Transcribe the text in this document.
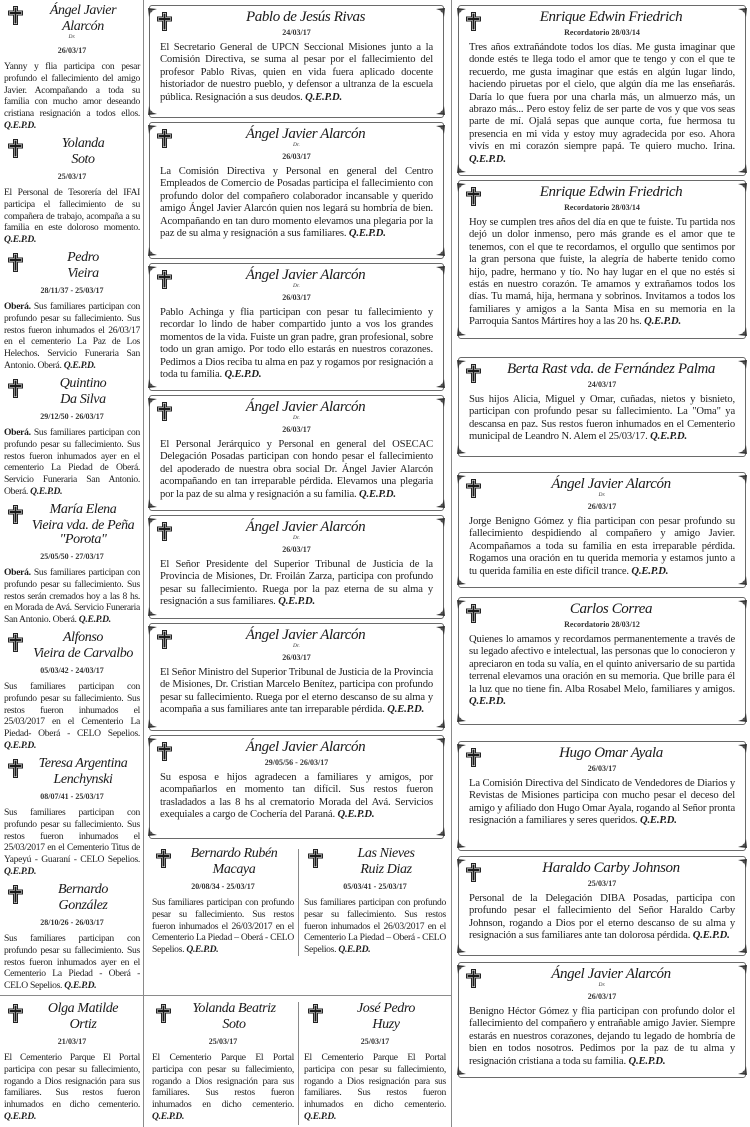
Ángel Javier
Alarcón
Dr.
26/03/17
Yanny y flia participa con pesar profundo el fallecimiento del amigo Javier. Acompañando a toda su familia con mucho amor deseando cristiana resignación a todos ellos. Q.E.P.D.
Yolanda
Soto
25/03/17
El Personal de Tesorería del IFAI participa el fallecimiento de su compañera de trabajo, acompaña a su familia en este doloroso momento. Q.E.P.D.
Pedro
Vieira
28/11/37 - 25/03/17
Oberá. Sus familiares participan con profundo pesar su fallecimiento. Sus restos fueron inhumados el 26/03/17 en el cementerio La Paz de Los Helechos. Servicio Funeraria San Antonio. Oberá. Q.E.P.D.
Quintino
Da Silva
29/12/50 - 26/03/17
Oberá. Sus familiares participan con profundo pesar su fallecimiento. Sus restos fueron inhumados ayer en el cementerio La Piedad de Oberá. Servicio Funeraria San Antonio. Oberá. Q.E.P.D.
María Elena
Vieira vda. de Peña "Porota"
25/05/50 - 27/03/17
Oberá. Sus familiares participan con profundo pesar su fallecimiento. Sus restos serán cremados hoy a las 8 hs. en Morada de Avá. Servicio Funeraria San Antonio. Oberá. Q.E.P.D.
Alfonso
Vieira de Carvalbo
05/03/42 - 24/03/17
Sus familiares participan con profundo pesar su fallecimiento. Sus restos fueron inhumados el 25/03/2017 en el Cementerio La Piedad- Oberá - CELO Sepelios. Q.E.P.D.
Teresa Argentina
Lenchynski
08/07/41 - 25/03/17
Sus familiares participan con profundo pesar su fallecimiento. Sus restos fueron inhumados el 25/03/2017 en el Cementerio Titus de Yapeyú - Guaraní - CELO Sepelios. Q.E.P.D.
Bernardo
González
28/10/26 - 26/03/17
Sus familiares participan con profundo pesar su fallecimiento. Sus restos fueron inhumados ayer en el Cementerio La Piedad - Oberá - CELO Sepelios. Q.E.P.D.
Olga Matilde
Ortiz
21/03/17
El Cementerio Parque El Portal participa con pesar su fallecimiento, rogando a Dios resignación para sus familiares. Sus restos fueron inhumados en dicho cementerio. Q.E.P.D.
Pablo de Jesús Rivas
24/03/17
El Secretario General de UPCN Seccional Misiones junto a la Comisión Directiva, se suma al pesar por el fallecimiento del profesor Pablo Rivas, quien en vida fuera aplicado docente historiador de nuestro pueblo, y defensor a ultranza de la escuela pública. Resignación a sus deudos. Q.E.P.D.
Ángel Javier Alarcón
Dr.
26/03/17
La Comisión Directiva y Personal en general del Centro Empleados de Comercio de Posadas participa el fallecimiento con profundo dolor del compañero colaborador incansable y querido amigo Ángel Javier Alarcón quien nos legará su hombría de bien. Acompañando en tan duro momento elevamos una plegaria por la paz de su alma y resignación a sus familiares. Q.E.P.D.
Ángel Javier Alarcón
Dr.
26/03/17
Pablo Achinga y flia participan con pesar tu fallecimiento y recordar lo lindo de haber compartido junto a vos los grandes momentos de la vida. Fuiste un gran padre, gran profesional, sobre todo un gran amigo. Por todo ello estarás en nuestros corazones. Pedimos a Dios reciba tu alma en paz y rogamos por resignación a toda tu familia. Q.E.P.D.
Ángel Javier Alarcón
Dr.
26/03/17
El Personal Jerárquico y Personal en general del OSECAC Delegación Posadas participan con hondo pesar el fallecimiento del apoderado de nuestra obra social Dr. Ángel Javier Alarcón acompañando en tan irreparable pérdida. Elevamos una plegaria por la paz de su alma y resignación a su familia. Q.E.P.D.
Ángel Javier Alarcón
Dr.
26/03/17
El Señor Presidente del Superior Tribunal de Justicia de la Provincia de Misiones, Dr. Froilán Zarza, participa con profundo pesar su fallecimiento. Ruega por la paz eterna de su alma y resignación a sus familiares. Q.E.P.D.
Ángel Javier Alarcón
Dr.
26/03/17
El Señor Ministro del Superior Tribunal de Justicia de la Provincia de Misiones, Dr. Cristian Marcelo Benítez, participa con profundo pesar su fallecimiento. Ruega por el eterno descanso de su alma y acompaña a sus familiares ante tan irreparable pérdida. Q.E.P.D.
Ángel Javier Alarcón
29/05/56 - 26/03/17
Su esposa e hijos agradecen a familiares y amigos, por acompañarlos en momento tan difícil. Sus restos fueron trasladados a las 8 hs al crematorio Morada del Avá. Servicios exequiales a cargo de Cochería del Paraná. Q.E.P.D.
Bernardo Rubén
Macaya
20/08/34 - 25/03/17
Sus familiares participan con profundo pesar su fallecimiento. Sus restos fueron inhumados el 26/03/2017 en el Cementerio La Piedad – Oberá - CELO Sepelios. Q.E.P.D.
Las Nieves
Ruiz Diaz
05/03/41 - 25/03/17
Sus familiares participan con profundo pesar su fallecimiento. Sus restos fueron inhumados el 26/03/2017 en el Cementerio La Piedad – Oberá - CELO Sepelios. Q.E.P.D.
Yolanda Beatriz
Soto
25/03/17
El Cementerio Parque El Portal participa con pesar su fallecimiento, rogando a Dios resignación para sus familiares. Sus restos fueron inhumados en dicho cementerio. Q.E.P.D.
José Pedro
Huzy
25/03/17
El Cementerio Parque El Portal participa con pesar su fallecimiento, rogando a Dios resignación para sus familiares. Sus restos fueron inhumados en dicho cementerio. Q.E.P.D.
Enrique Edwin Friedrich
Recordatorio 28/03/14
Tres años extrañándote todos los días. Me gusta imaginar que donde estés te llega todo el amor que te tengo y con el que te recuerdo, me gusta imaginar que estás en algún lugar lindo, haciendo piruetas por el cielo, que algún día me las enseñarás. Daría lo que fuera por una charla más, un almuerzo más, un abrazo más... Pero estoy feliz de ser parte de vos y que vos seas parte de mí. Ojalá sepas que aunque corta, fue hermosa tu presencia en mi vida y estoy muy agradecida por eso. Ahora vivís en mi corazón siempre papá. Te quiero mucho. Irina. Q.E.P.D.
Enrique Edwin Friedrich
Recordatorio 28/03/14
Hoy se cumplen tres años del día en que te fuiste. Tu partida nos dejó un dolor inmenso, pero más grande es el amor que te tenemos, con el que te recordamos, el orgullo que sentimos por la gran persona que fuiste, la alegría de haberte tenido como hijo, padre, hermano y tío. No hay lugar en el que no estés si estás en nuestro corazón. Te amamos y extrañamos todos los días. Tu mamá, hija, hermana y sobrinos. Invitamos a todos los familiares y amigos a la Santa Misa en su memoria en la Parroquia Santos Mártires hoy a las 20 hs. Q.E.P.D.
Berta Rast vda. de Fernández Palma
24/03/17
Sus hijos Alicia, Miguel y Omar, cuñadas, nietos y bisnieto, participan con profundo pesar su fallecimiento. La "Oma" ya descansa en paz. Sus restos fueron inhumados en el Cementerio municipal de Leandro N. Alem el 25/03/17. Q.E.P.D.
Ángel Javier Alarcón
Dr.
26/03/17
Jorge Benigno Gómez y flia participan con pesar profundo su fallecimiento despidiendo al compañero y amigo Javier. Acompañamos a toda su familia en esta irreparable pérdida. Rogamos una oración en tu querida memoria y estamos junto a tu querida familia en este difícil trance. Q.E.P.D.
Carlos Correa
Recordatorio 28/03/12
Quienes lo amamos y recordamos permanentemente a través de su legado afectivo e intelectual, las personas que lo conocieron y apreciaron en toda su valía, en el quinto aniversario de su partida terrenal elevamos una oración en su memoria. Que brille para él la luz que no tiene fin. Alba Rosabel Melo, familiares y amigos. Q.E.P.D.
Hugo Omar Ayala
26/03/17
La Comisión Directiva del Sindicato de Vendedores de Diarios y Revistas de Misiones participa con mucho pesar el deceso del amigo y afiliado don Hugo Omar Ayala, rogando al Señor pronta resignación a familiares y seres queridos. Q.E.P.D.
Haraldo Carby Johnson
25/03/17
Personal de la Delegación DIBA Posadas, participa con profundo pesar el fallecimiento del Señor Haraldo Carby Johnson, rogando a Dios por el eterno descanso de su alma y resignación a sus familiares ante tan dolorosa pérdida. Q.E.P.D.
Ángel Javier Alarcón
Dr.
26/03/17
Benigno Héctor Gómez y flia participan con profundo dolor el fallecimiento del compañero y entrañable amigo Javier. Siempre estarás en nuestros corazones, dejando tu legado de hombría de bien en todos nosotros. Pedimos por la paz de tu alma y resignación cristiana a toda su familia. Q.E.P.D.
